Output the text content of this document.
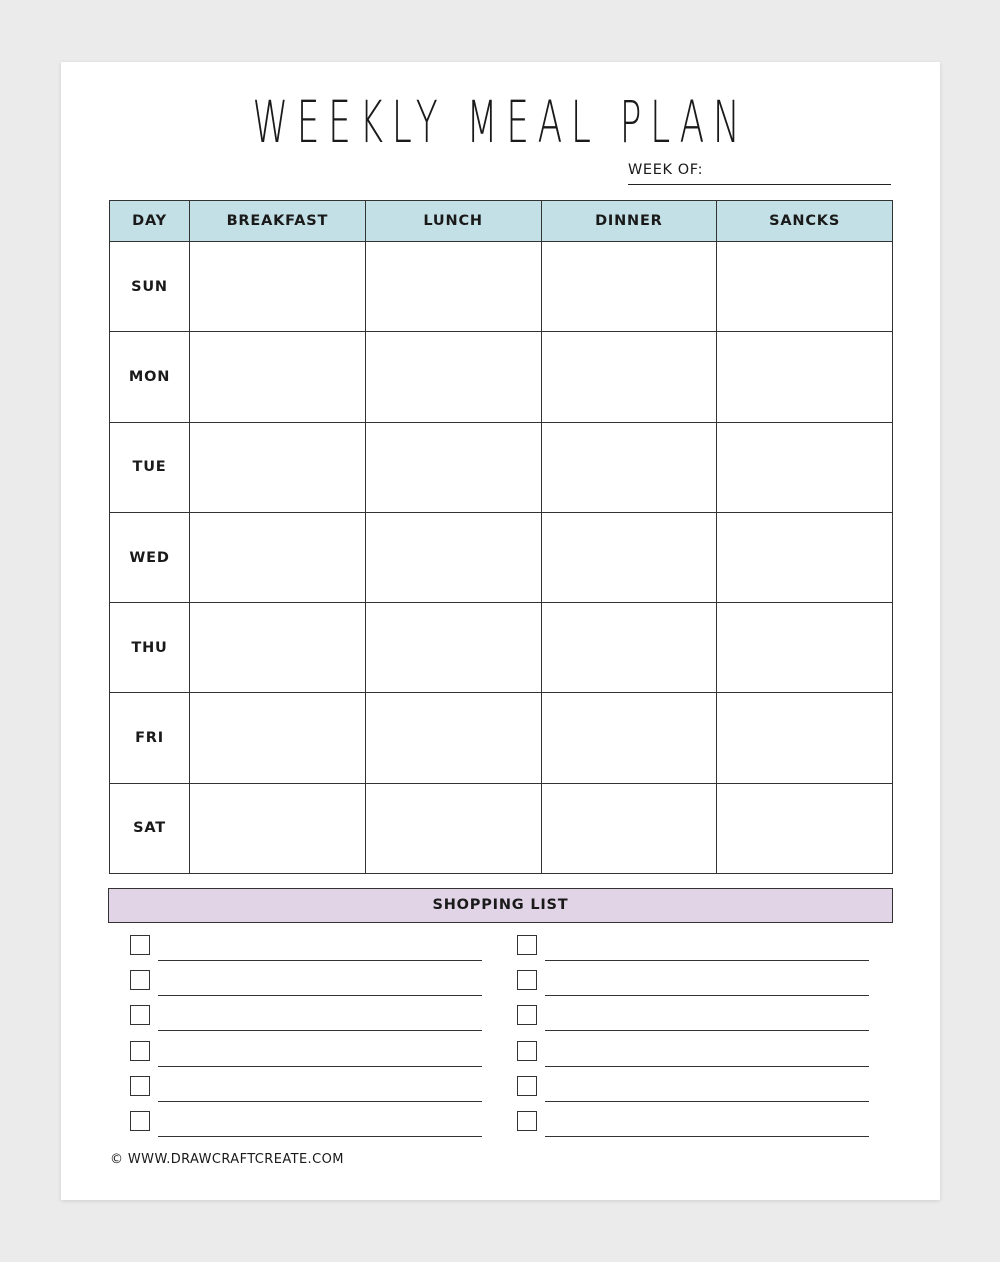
WEEKLY MEAL PLAN
WEEK OF:
DAY	BREAKFAST	LUNCH	DINNER	SANCKS
SUN				
MON				
TUE				
WED				
THU				
FRI				
SAT				
SHOPPING LIST
© WWW.DRAWCRAFTCREATE.COM
